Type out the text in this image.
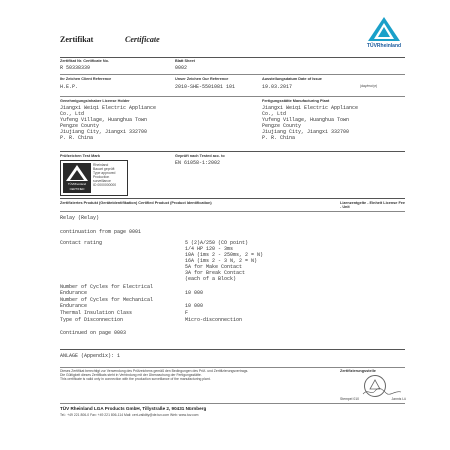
Zertifikat	Certificate
TÜVRheinland
Zertifikat Nr. Certificate No.
R 50338339
Blatt Sheet
0002
Ihr Zeichen Client Reference
H.E.P.
Unser Zeichen Our Reference
2010-SHE-5501081 101
Ausstellungsdatum Date of Issue
19.03.2017	(day/mo/yr)
Genehmigungsinhaber License Holder
Jiangxi Weiqi Electric Appliance
Co., Ltd
Yufeng Village, Huanghua Town
Pengze County
Jiujiang City, Jiangxi 332700
P. R. China
Fertigungsstätte Manufacturing Plant
Jiangxi Weiqi Electric Appliance
Co., Ltd
Yufeng Village, Huanghua Town
Pengze County
Jiujiang City, Jiangxi 332700
P. R. China
Prüfzeichen Test Mark
TÜVRheinland
CERTIFIED
Rheinland
Bauart geprüft
Type approved
Production
surveillance
ID 0000000000
Geprüft nach Tested acc. to
EN 61058-1:2002
Zertifiziertes Produkt (Geräteidentifikation) Certified Product (Product Identification)	Lizenzentgelte - Einheit License Fee - Unit
Relay (Relay)
continuation from page 0001
Contact rating	5 (2)A/250 (CO point)
1/4 HP 120 - 3ms
10A (1ms 2 - 250ms, 2 = N)
16A (1ms 2 - 3 N, 2 = N)
5A for Make Contact
3A for Break Contact
(each of a Block)
Number of Cycles for Electrical Endurance	10 000
Number of Cycles for Mechanical Endurance	10 000
Thermal Insulation Class	F
Type of Disconnection	Micro-disconnection
Continued on page 0003
ANLAGE (Appendix): 1
Dieses Zertifikat berechtigt zur Verwendung des Prüfzeichens gemäß den Bedingungen des Prüf- und Zertifizierungsvertrags.
Die Gültigkeit dieses Zertifikats steht in Verbindung mit der Überwachung der Fertigungsstätte.
This certificate is valid only in connection with the production surveillance of the manufacturing plant.
Zertifizierungsstelle
Stempel 010	Jannis Lü
TÜV Rheinland LGA Products GmbH, Tillystraße 2, 90431 Nürnberg
Tel.: +49 221 806-0 Fax: +49 221 806-114 Mail: cert-validity@de.tuv.com Web: www.tuv.com
